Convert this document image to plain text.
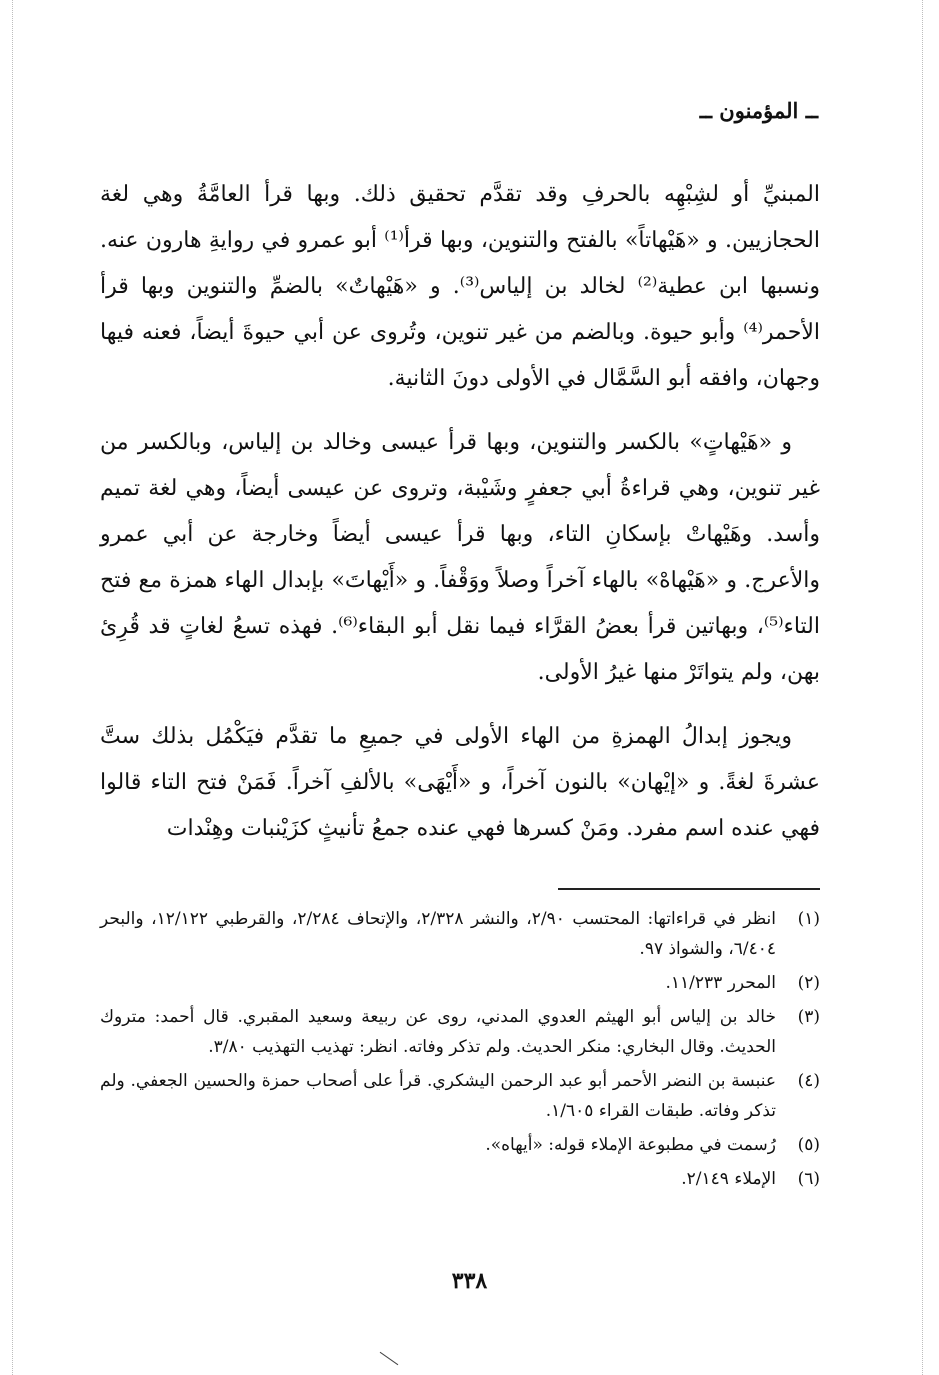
ــ المؤمنون ــ

المبنيِّ أو لشِبْهِه بالحرفِ وقد تقدَّم تحقيق ذلك. وبها قرأ العامَّةُ وهي لغة الحجازيين. و «هَيْهاتاً» بالفتح والتنوين، وبها قرأ⁽¹⁾ أبو عمرو في روايةِ هارون عنه. ونسبها ابن عطية⁽²⁾ لخالد بن إلياس⁽³⁾. و «هَيْهاتٌ» بالضمِّ والتنوين وبها قرأ الأحمر⁽⁴⁾ وأبو حيوة. وبالضم من غير تنوين، وتُروى عن أبي حيوةَ أيضاً، فعنه فيها وجهان، وافقه أبو السَّمَّال في الأولى دونَ الثانية.

و «هَيْهاتٍ» بالكسر والتنوين، وبها قرأ عيسى وخالد بن إلياس، وبالكسر من غير تنوين، وهي قراءةُ أبي جعفرٍ وشَيْبة، وتروى عن عيسى أيضاً، وهي لغة تميم وأسد. وهَيْهاتْ بإسكانِ التاء، وبها قرأ عيسى أيضاً وخارجة عن أبي عمرو والأعرج. و «هَيْهاهْ» بالهاء آخراً وصلاً ووَقْفاً. و «أَيْهاتَ» بإبدال الهاء همزة مع فتح التاء⁽⁵⁾، وبهاتين قرأ بعضُ القرَّاء فيما نقل أبو البقاء⁽⁶⁾. فهذه تسعُ لغاتٍ قد قُرِئ بهن، ولم يتواتَرْ منها غيرُ الأولى.

ويجوز إبدالُ الهمزةِ من الهاء الأولى في جميعِ ما تقدَّم فيَكْمُل بذلك ستَّ عشرةَ لغةً. و «إيْهان» بالنون آخراً، و «أَيْهَى» بالألفِ آخراً. فَمَنْ فتح التاء قالوا فهي عنده اسم مفرد. ومَنْ كسرها فهي عنده جمعُ تأنيثٍ كزَيْنبات وهِنْدات

(١)
انظر في قراءاتها: المحتسب ٢/٩٠، والنشر ٢/٣٢٨، والإتحاف ٢/٢٨٤، والقرطبي ١٢/١٢٢، والبحر ٦/٤٠٤، والشواذ ٩٧.
(٢)
المحرر ١١/٢٣٣.
(٣)
خالد بن إلياس أبو الهيثم العدوي المدني، روى عن ربيعة وسعيد المقبري. قال أحمد: متروك الحديث. وقال البخاري: منكر الحديث. ولم تذكر وفاته. انظر: تهذيب التهذيب ٣/٨٠.
(٤)
عنبسة بن النضر الأحمر أبو عبد الرحمن اليشكري. قرأ على أصحاب حمزة والحسين الجعفي. ولم تذكر وفاته. طبقات القراء ١/٦٠٥.
(٥)
رُسمت في مطبوعة الإملاء قوله: «أيهاه».
(٦)
الإملاء ٢/١٤٩.
٣٣٨
